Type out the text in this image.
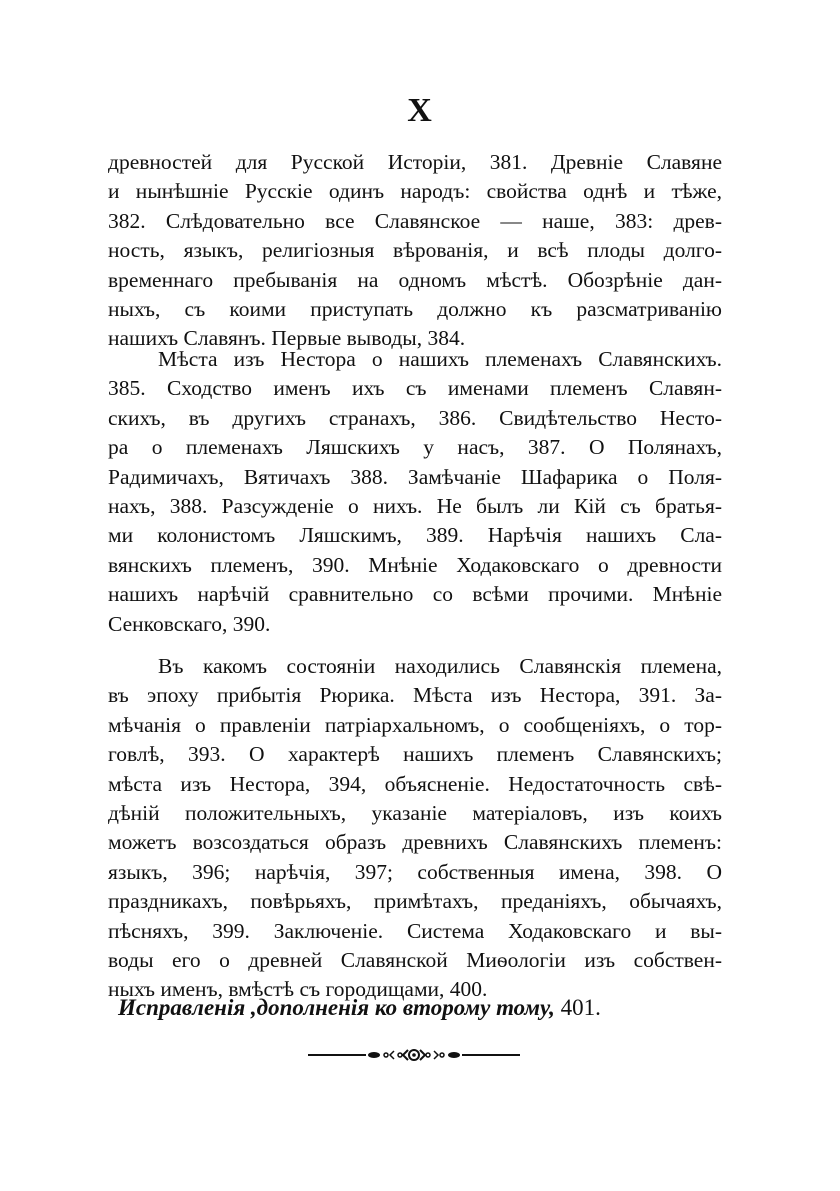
X
древностей для Русской Исторіи, 381. Древніе Славяне
и нынѣшніе Русскіе одинъ народъ: свойства однѣ и тѣже,
382. Слѣдовательно все Славянское — наше, 383: древ-
ность, языкъ, религіозныя вѣрованія, и всѣ плоды долго-
временнаго пребыванія на одномъ мѣстѣ. Обозрѣніе дан-
ныхъ, съ коими приступать должно къ разсматриванію
нашихъ Славянъ. Первые выводы, 384.
Мѣста изъ Нестора о нашихъ племенахъ Славянскихъ.
385. Сходство именъ ихъ съ именами племенъ Славян-
скихъ, въ другихъ странахъ, 386. Свидѣтельство Несто-
ра о племенахъ Ляшскихъ у насъ, 387. О Полянахъ,
Радимичахъ, Вятичахъ 388. Замѣчаніе Шафарика о Поля-
нахъ, 388. Разсужденіе о нихъ. Не былъ ли Кій съ братья-
ми колонистомъ Ляшскимъ, 389. Нарѣчія нашихъ Сла-
вянскихъ племенъ, 390. Мнѣніе Ходаковскаго о древности
нашихъ нарѣчій сравнительно со всѣми прочими. Мнѣніе
Сенковскаго, 390.
Въ какомъ состояніи находились Славянскія племена,
въ эпоху прибытія Рюрика. Мѣста изъ Нестора, 391. За-
мѣчанія о правленіи патріархальномъ, о сообщеніяхъ, о тор-
говлѣ, 393. О характерѣ нашихъ племенъ Славянскихъ;
мѣста изъ Нестора, 394, объясненіе. Недостаточность свѣ-
дѣній положительныхъ, указаніе матеріаловъ, изъ коихъ
можетъ возсоздаться образъ древнихъ Славянскихъ племенъ:
языкъ, 396; нарѣчія, 397; собственныя имена, 398. О
праздникахъ, повѣрьяхъ, примѣтахъ, преданіяхъ, обычаяхъ,
пѣсняхъ, 399. Заключеніе. Система Ходаковскаго и вы-
воды его о древней Славянской Миѳологіи изъ собствен-
ныхъ именъ, вмѣстѣ съ городищами, 400.
Исправленія ,дополненія ко второму тому, 401.
